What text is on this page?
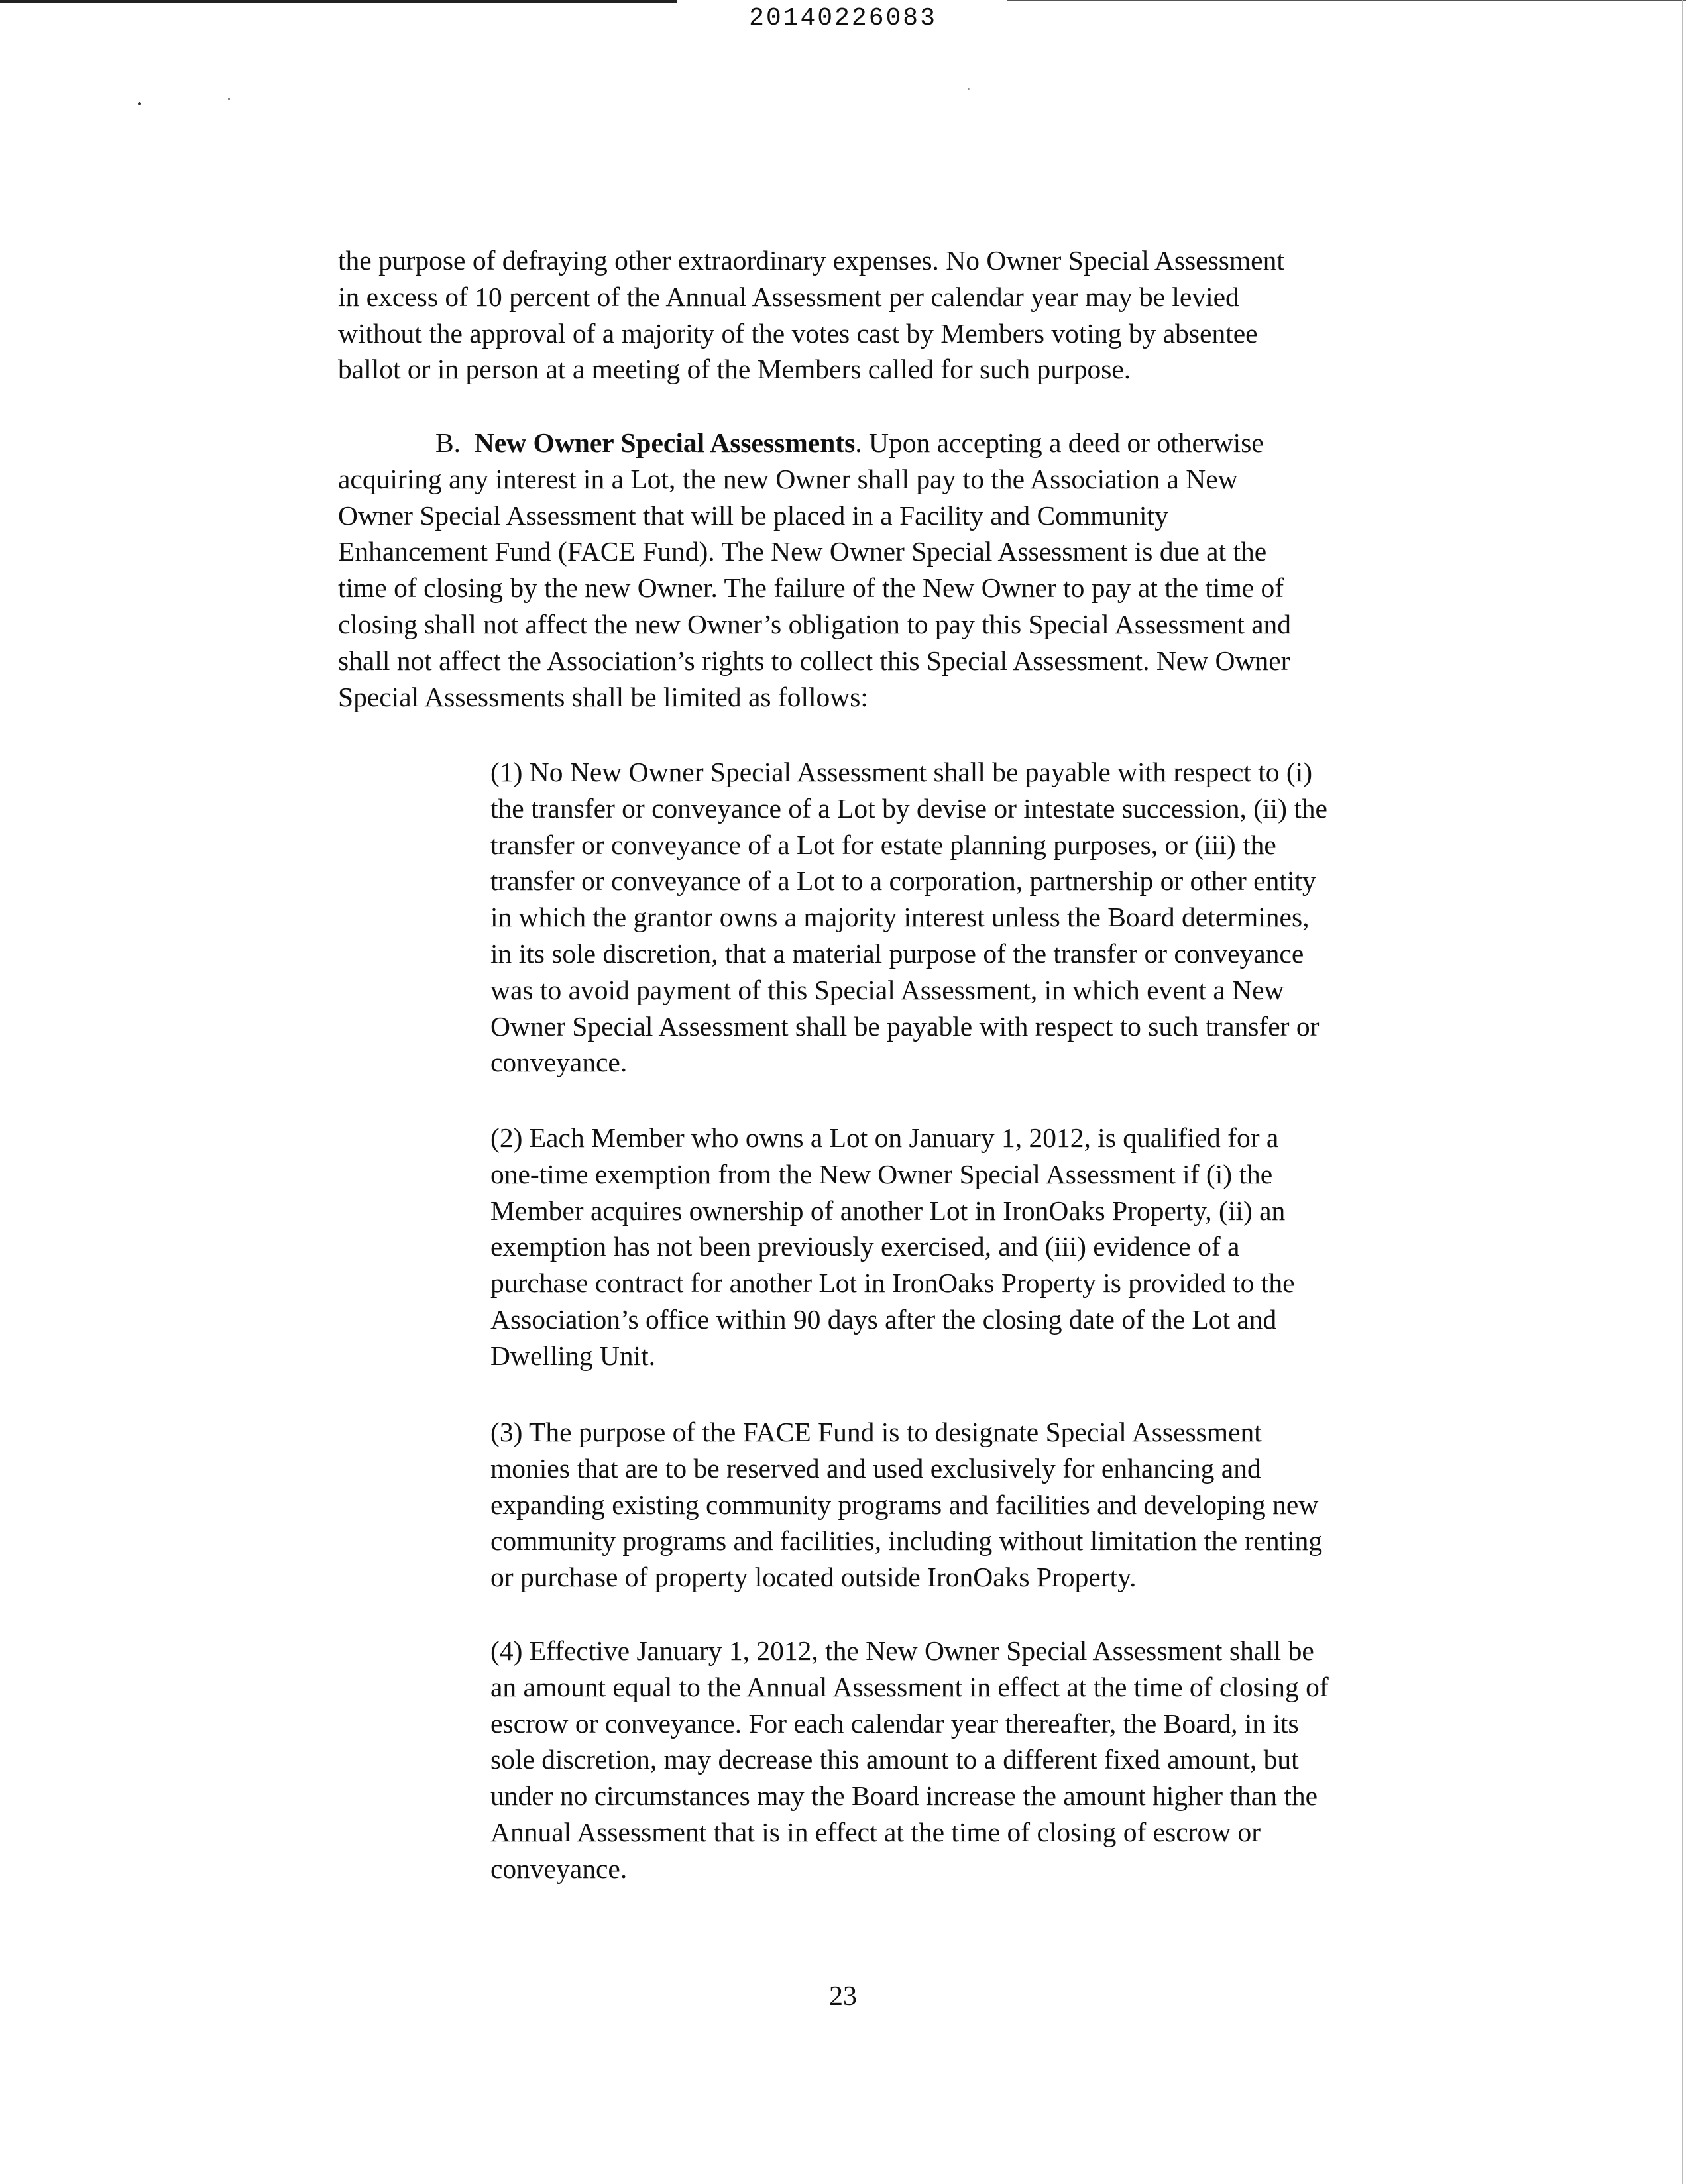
20140226083
the purpose of defraying other extraordinary expenses. No Owner Special Assessment
in excess of 10 percent of the Annual Assessment per calendar year may be levied
without the approval of a majority of the votes cast by Members voting by absentee
ballot or in person at a meeting of the Members called for such purpose.
B. New Owner Special Assessments. Upon accepting a deed or otherwise
acquiring any interest in a Lot, the new Owner shall pay to the Association a New
Owner Special Assessment that will be placed in a Facility and Community
Enhancement Fund (FACE Fund). The New Owner Special Assessment is due at the
time of closing by the new Owner. The failure of the New Owner to pay at the time of
closing shall not affect the new Owner’s obligation to pay this Special Assessment and
shall not affect the Association’s rights to collect this Special Assessment. New Owner
Special Assessments shall be limited as follows:
(1) No New Owner Special Assessment shall be payable with respect to (i)
the transfer or conveyance of a Lot by devise or intestate succession, (ii) the
transfer or conveyance of a Lot for estate planning purposes, or (iii) the
transfer or conveyance of a Lot to a corporation, partnership or other entity
in which the grantor owns a majority interest unless the Board determines,
in its sole discretion, that a material purpose of the transfer or conveyance
was to avoid payment of this Special Assessment, in which event a New
Owner Special Assessment shall be payable with respect to such transfer or
conveyance.
(2) Each Member who owns a Lot on January 1, 2012, is qualified for a
one-time exemption from the New Owner Special Assessment if (i) the
Member acquires ownership of another Lot in IronOaks Property, (ii) an
exemption has not been previously exercised, and (iii) evidence of a
purchase contract for another Lot in IronOaks Property is provided to the
Association’s office within 90 days after the closing date of the Lot and
Dwelling Unit.
(3) The purpose of the FACE Fund is to designate Special Assessment
monies that are to be reserved and used exclusively for enhancing and
expanding existing community programs and facilities and developing new
community programs and facilities, including without limitation the renting
or purchase of property located outside IronOaks Property.
(4) Effective January 1, 2012, the New Owner Special Assessment shall be
an amount equal to the Annual Assessment in effect at the time of closing of
escrow or conveyance. For each calendar year thereafter, the Board, in its
sole discretion, may decrease this amount to a different fixed amount, but
under no circumstances may the Board increase the amount higher than the
Annual Assessment that is in effect at the time of closing of escrow or
conveyance.
23
